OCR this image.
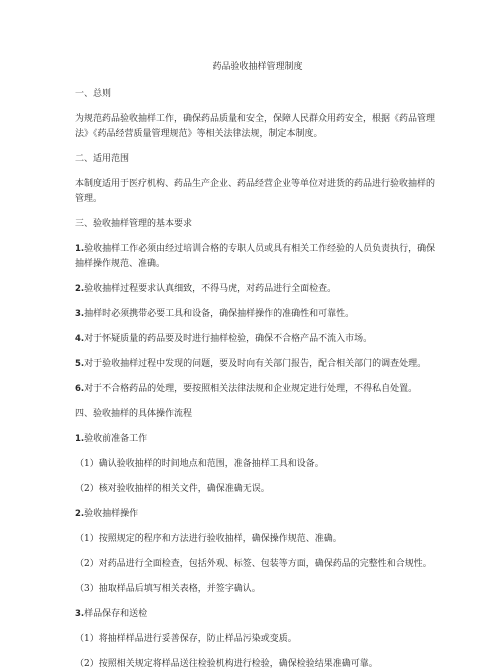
药品验收抽样管理制度
一、总则
为规范药品验收抽样工作，确保药品质量和安全，保障人民群众用药安全，根据《药品管理法》《药品经营质量管理规范》等相关法律法规，制定本制度。
二、适用范围
本制度适用于医疗机构、药品生产企业、药品经营企业等单位对进货的药品进行验收抽样的管理。
三、验收抽样管理的基本要求
1.验收抽样工作必须由经过培训合格的专职人员或具有相关工作经验的人员负责执行，确保抽样操作规范、准确。
2.验收抽样过程要求认真细致，不得马虎，对药品进行全面检查。
3.抽样时必须携带必要工具和设备，确保抽样操作的准确性和可靠性。
4.对于怀疑质量的药品要及时进行抽样检验，确保不合格产品不流入市场。
5.对于验收抽样过程中发现的问题，要及时向有关部门报告，配合相关部门的调查处理。
6.对于不合格药品的处理，要按照相关法律法规和企业规定进行处理，不得私自处置。
四、验收抽样的具体操作流程
1.验收前准备工作
（1）确认验收抽样的时间地点和范围，准备抽样工具和设备。
（2）核对验收抽样的相关文件，确保准确无误。
2.验收抽样操作
（1）按照规定的程序和方法进行验收抽样，确保操作规范、准确。
（2）对药品进行全面检查，包括外观、标签、包装等方面，确保药品的完整性和合规性。
（3）抽取样品后填写相关表格，并签字确认。
3.样品保存和送检
（1）将抽样样品进行妥善保存，防止样品污染或变质。
（2）按照相关规定将样品送往检验机构进行检验，确保检验结果准确可靠。
